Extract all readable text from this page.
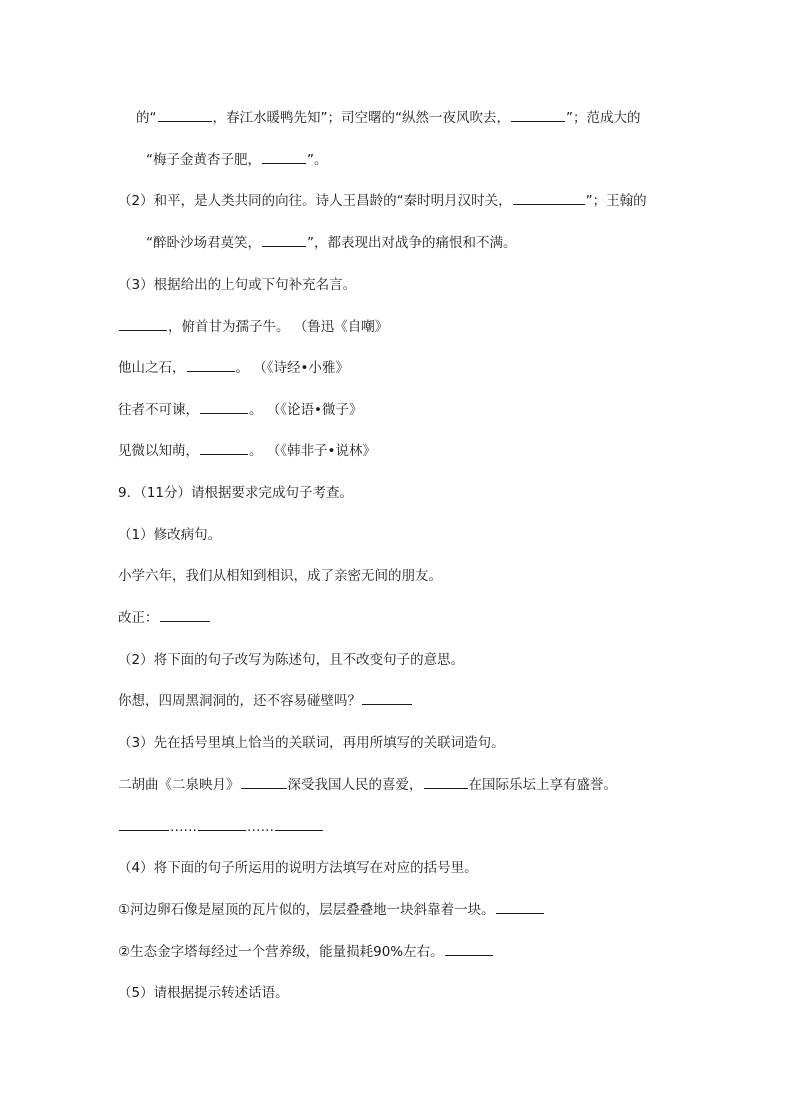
的“	，春江水暖鸭先知”；司空曙的“纵然一夜风吹去，	”；范成大的
“梅子金黄杏子肥，	”。
（2）和平，是人类共同的向往。诗人王昌龄的“秦时明月汉时关，	”；王翰的
“醉卧沙场君莫笑，	”，都表现出对战争的痛恨和不满。
（3）根据给出的上句或下句补充名言。
，俯首甘为孺子牛。 （鲁迅《自嘲》
他山之石，	。 （《诗经•小雅》
往者不可谏，	。 （《论语•微子》
见微以知萌，	。 （《韩非子•说林》
9．（11分）请根据要求完成句子考查。
（1）修改病句。
小学六年，我们从相知到相识，成了亲密无间的朋友。
改正：
（2）将下面的句子改写为陈述句，且不改变句子的意思。
你想，四周黑洞洞的，还不容易碰壁吗？
（3）先在括号里填上恰当的关联词，再用所填写的关联词造句。
二胡曲《二泉映月》	深受我国人民的喜爱，	在国际乐坛上享有盛誉。
……	……
（4）将下面的句子所运用的说明方法填写在对应的括号里。
①河边卵石像是屋顶的瓦片似的，层层叠叠地一块斜靠着一块。
②生态金字塔每经过一个营养级，能量损耗90%左右。
（5）请根据提示转述话语。
